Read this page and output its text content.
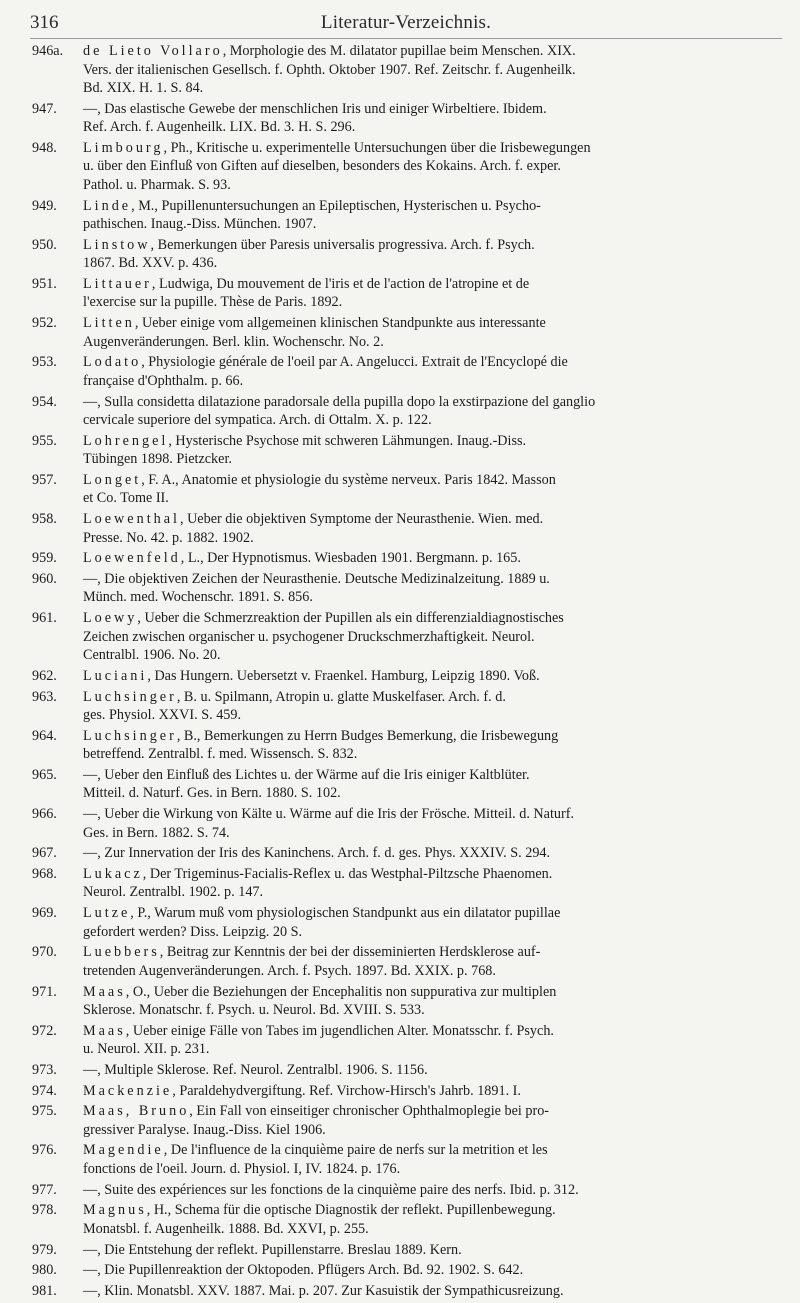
316	Literatur-Verzeichnis.
946a.	de Lieto Vollaro, Morphologie des M. dilatator pupillae beim Menschen. XIX.
Vers. der italienischen Gesellsch. f. Ophth. Oktober 1907. Ref. Zeitschr. f. Augenheilk.
Bd. XIX. H. 1. S. 84.
947.	—, Das elastische Gewebe der menschlichen Iris und einiger Wirbeltiere. Ibidem.
Ref. Arch. f. Augenheilk. LIX. Bd. 3. H. S. 296.
948.	Limbourg, Ph., Kritische u. experimentelle Untersuchungen über die Irisbewegungen
u. über den Einfluß von Giften auf dieselben, besonders des Kokains. Arch. f. exper.
Pathol. u. Pharmak. S. 93.
949.	Linde, M., Pupillenuntersuchungen an Epileptischen, Hysterischen u. Psycho-
pathischen. Inaug.-Diss. München. 1907.
950.	Linstow, Bemerkungen über Paresis universalis progressiva. Arch. f. Psych.
1867. Bd. XXV. p. 436.
951.	Littauer, Ludwiga, Du mouvement de l'iris et de l'action de l'atropine et de
l'exercise sur la pupille. Thèse de Paris. 1892.
952.	Litten, Ueber einige vom allgemeinen klinischen Standpunkte aus interessante
Augenveränderungen. Berl. klin. Wochenschr. No. 2.
953.	Lodato, Physiologie générale de l'oeil par A. Angelucci. Extrait de l'Encyclopé die
française d'Ophthalm. p. 66.
954.	—, Sulla considetta dilatazione paradorsale della pupilla dopo la exstirpazione del ganglio
cervicale superiore del sympatica. Arch. di Ottalm. X. p. 122.
955.	Lohrengel, Hysterische Psychose mit schweren Lähmungen. Inaug.-Diss.
Tübingen 1898. Pietzcker.
957.	Longet, F. A., Anatomie et physiologie du système nerveux. Paris 1842. Masson
et Co. Tome II.
958.	Loewenthal, Ueber die objektiven Symptome der Neurasthenie. Wien. med.
Presse. No. 42. p. 1882. 1902.
959.	Loewenfeld, L., Der Hypnotismus. Wiesbaden 1901. Bergmann. p. 165.
960.	—, Die objektiven Zeichen der Neurasthenie. Deutsche Medizinalzeitung. 1889 u.
Münch. med. Wochenschr. 1891. S. 856.
961.	Loewy, Ueber die Schmerzreaktion der Pupillen als ein differenzialdiagnostisches
Zeichen zwischen organischer u. psychogener Druckschmerzhaftigkeit. Neurol.
Centralbl. 1906. No. 20.
962.	Luciani, Das Hungern. Uebersetzt v. Fraenkel. Hamburg, Leipzig 1890. Voß.
963.	Luchsinger, B. u. Spilmann, Atropin u. glatte Muskelfaser. Arch. f. d.
ges. Physiol. XXVI. S. 459.
964.	Luchsinger, B., Bemerkungen zu Herrn Budges Bemerkung, die Irisbewegung
betreffend. Zentralbl. f. med. Wissensch. S. 832.
965.	—, Ueber den Einfluß des Lichtes u. der Wärme auf die Iris einiger Kaltblüter.
Mitteil. d. Naturf. Ges. in Bern. 1880. S. 102.
966.	—, Ueber die Wirkung von Kälte u. Wärme auf die Iris der Frösche. Mitteil. d. Naturf.
Ges. in Bern. 1882. S. 74.
967.	—, Zur Innervation der Iris des Kaninchens. Arch. f. d. ges. Phys. XXXIV. S. 294.
968.	Lukacz, Der Trigeminus-Facialis-Reflex u. das Westphal-Piltzsche Phaenomen.
Neurol. Zentralbl. 1902. p. 147.
969.	Lutze, P., Warum muß vom physiologischen Standpunkt aus ein dilatator pupillae
gefordert werden? Diss. Leipzig. 20 S.
970.	Luebbers, Beitrag zur Kenntnis der bei der disseminierten Herdsklerose auf-
tretenden Augenveränderungen. Arch. f. Psych. 1897. Bd. XXIX. p. 768.
971.	Maas, O., Ueber die Beziehungen der Encephalitis non suppurativa zur multiplen
Sklerose. Monatschr. f. Psych. u. Neurol. Bd. XVIII. S. 533.
972.	Maas, Ueber einige Fälle von Tabes im jugendlichen Alter. Monatsschr. f. Psych.
u. Neurol. XII. p. 231.
973.	—, Multiple Sklerose. Ref. Neurol. Zentralbl. 1906. S. 1156.
974.	Mackenzie, Paraldehydvergiftung. Ref. Virchow-Hirsch's Jahrb. 1891. I.
975.	Maas, Bruno, Ein Fall von einseitiger chronischer Ophthalmoplegie bei pro-
gressiver Paralyse. Inaug.-Diss. Kiel 1906.
976.	Magendie, De l'influence de la cinquième paire de nerfs sur la metrition et les
fonctions de l'oeil. Journ. d. Physiol. I, IV. 1824. p. 176.
977.	—, Suite des expériences sur les fonctions de la cinquième paire des nerfs. Ibid. p. 312.
978.	Magnus, H., Schema für die optische Diagnostik der reflekt. Pupillenbewegung.
Monatsbl. f. Augenheilk. 1888. Bd. XXVI, p. 255.
979.	—, Die Entstehung der reflekt. Pupillenstarre. Breslau 1889. Kern.
980.	—, Die Pupillenreaktion der Oktopoden. Pflügers Arch. Bd. 92. 1902. S. 642.
981.	—, Klin. Monatsbl. XXV. 1887. Mai. p. 207. Zur Kasuistik der Sympathicusreizung.
